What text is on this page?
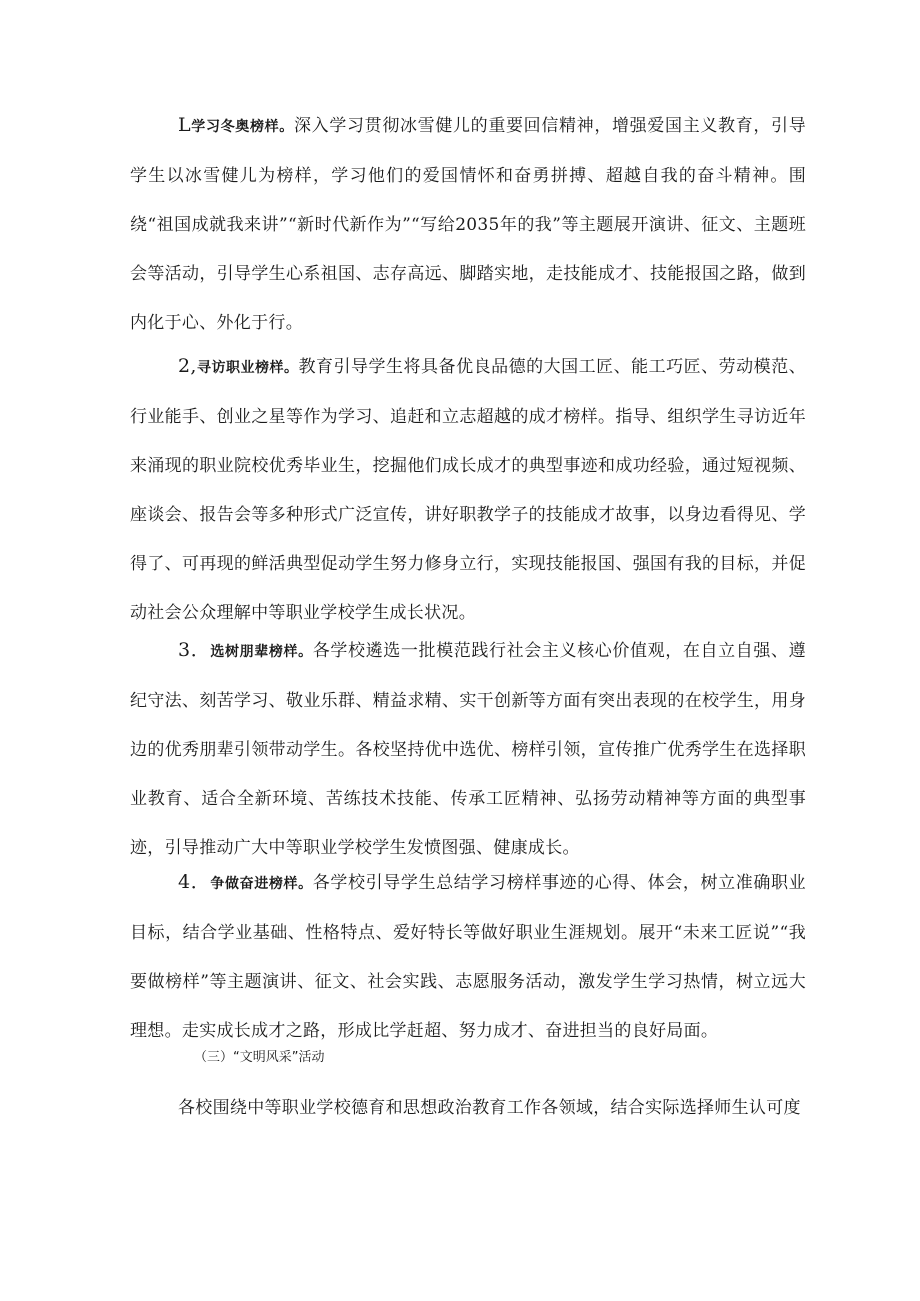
L学习冬奥榜样。深入学习贯彻冰雪健儿的重要回信精神，增强爱国主义教育，引导学生以冰雪健儿为榜样，学习他们的爱国情怀和奋勇拼搏、超越自我的奋斗精神。围绕“祖国成就我来讲”“新时代新作为”“写给2035年的我”等主题展开演讲、征文、主题班会等活动，引导学生心系祖国、志存高远、脚踏实地，走技能成才、技能报国之路，做到内化于心、外化于行。

2,寻访职业榜样。教育引导学生将具备优良品德的大国工匠、能工巧匠、劳动模范、行业能手、创业之星等作为学习、追赶和立志超越的成才榜样。指导、组织学生寻访近年来涌现的职业院校优秀毕业生，挖掘他们成长成才的典型事迹和成功经验，通过短视频、座谈会、报告会等多种形式广泛宣传，讲好职教学子的技能成才故事，以身边看得见、学得了、可再现的鲜活典型促动学生努力修身立行，实现技能报国、强国有我的目标，并促动社会公众理解中等职业学校学生成长状况。

3．选树朋辈榜样。各学校遴选一批模范践行社会主义核心价值观，在自立自强、遵纪守法、刻苦学习、敬业乐群、精益求精、实干创新等方面有突出表现的在校学生，用身边的优秀朋辈引领带动学生。各校坚持优中选优、榜样引领，宣传推广优秀学生在选择职业教育、适合全新环境、苦练技术技能、传承工匠精神、弘扬劳动精神等方面的典型事迹，引导推动广大中等职业学校学生发愤图强、健康成长。

4．争做奋进榜样。各学校引导学生总结学习榜样事迹的心得、体会，树立准确职业目标，结合学业基础、性格特点、爱好特长等做好职业生涯规划。展开“未来工匠说”“我要做榜样”等主题演讲、征文、社会实践、志愿服务活动，激发学生学习热情，树立远大理想。走实成长成才之路，形成比学赶超、努力成才、奋进担当的良好局面。

（三）“文明风采”活动

各校围绕中等职业学校德育和思想政治教育工作各领域，结合实际选择师生认可度
